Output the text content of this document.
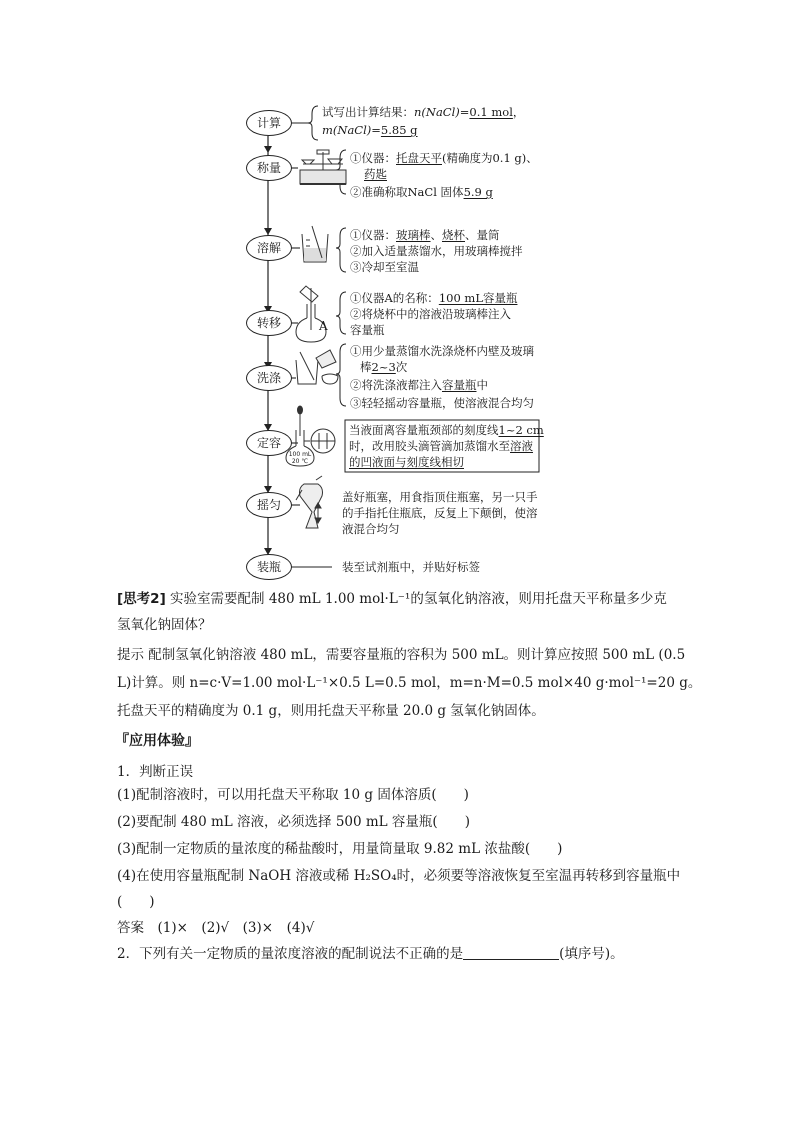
计算
称量
溶解
转移
洗涤
定容
摇匀
装瓶
试写出计算结果：n(NaCl)=0.1 mol，
m(NaCl)=5.85 g
①仪器：托盘天平(精确度为0.1 g)、
药匙
②准确称取NaCl 固体5.9 g
①仪器：玻璃棒、烧杯、量筒
②加入适量蒸馏水，用玻璃棒搅拌
③冷却至室温
A
①仪器A的名称：100 mL容量瓶
②将烧杯中的溶液沿玻璃棒注入
容量瓶
①用少量蒸馏水洗涤烧杯内壁及玻璃
棒2~3次
②将洗涤液都注入容量瓶中
③轻轻摇动容量瓶，使溶液混合均匀
100 mL
20 ℃
当液面离容量瓶颈部的刻度线1~2 cm
时，改用胶头滴管滴加蒸馏水至溶液
的凹液面与刻度线相切
盖好瓶塞，用食指顶住瓶塞，另一只手
的手指托住瓶底，反复上下颠倒，使溶
液混合均匀
装至试剂瓶中，并贴好标签
[思考2] 实验室需要配制 480 mL 1.00 mol·L⁻¹的氢氧化钠溶液，则用托盘天平称量多少克
氢氧化钠固体？
提示 配制氢氧化钠溶液 480 mL，需要容量瓶的容积为 500 mL。则计算应按照 500 mL (0.5
L)计算。则 n=c·V=1.00 mol·L⁻¹×0.5 L=0.5 mol，m=n·M=0.5 mol×40 g·mol⁻¹=20 g。
托盘天平的精确度为 0.1 g，则用托盘天平称量 20.0 g 氢氧化钠固体。
『应用体验』
1．判断正误
(1)配制溶液时，可以用托盘天平称取 10 g 固体溶质(　　)
(2)要配制 480 mL 溶液，必须选择 500 mL 容量瓶(　　)
(3)配制一定物质的量浓度的稀盐酸时，用量筒量取 9.82 mL 浓盐酸(　　)
(4)在使用容量瓶配制 NaOH 溶液或稀 H₂SO₄时，必须要等溶液恢复至室温再转移到容量瓶中
(　　)
答案　(1)×　(2)√　(3)×　(4)√
2．下列有关一定物质的量浓度溶液的配制说法不正确的是	(填序号)。
